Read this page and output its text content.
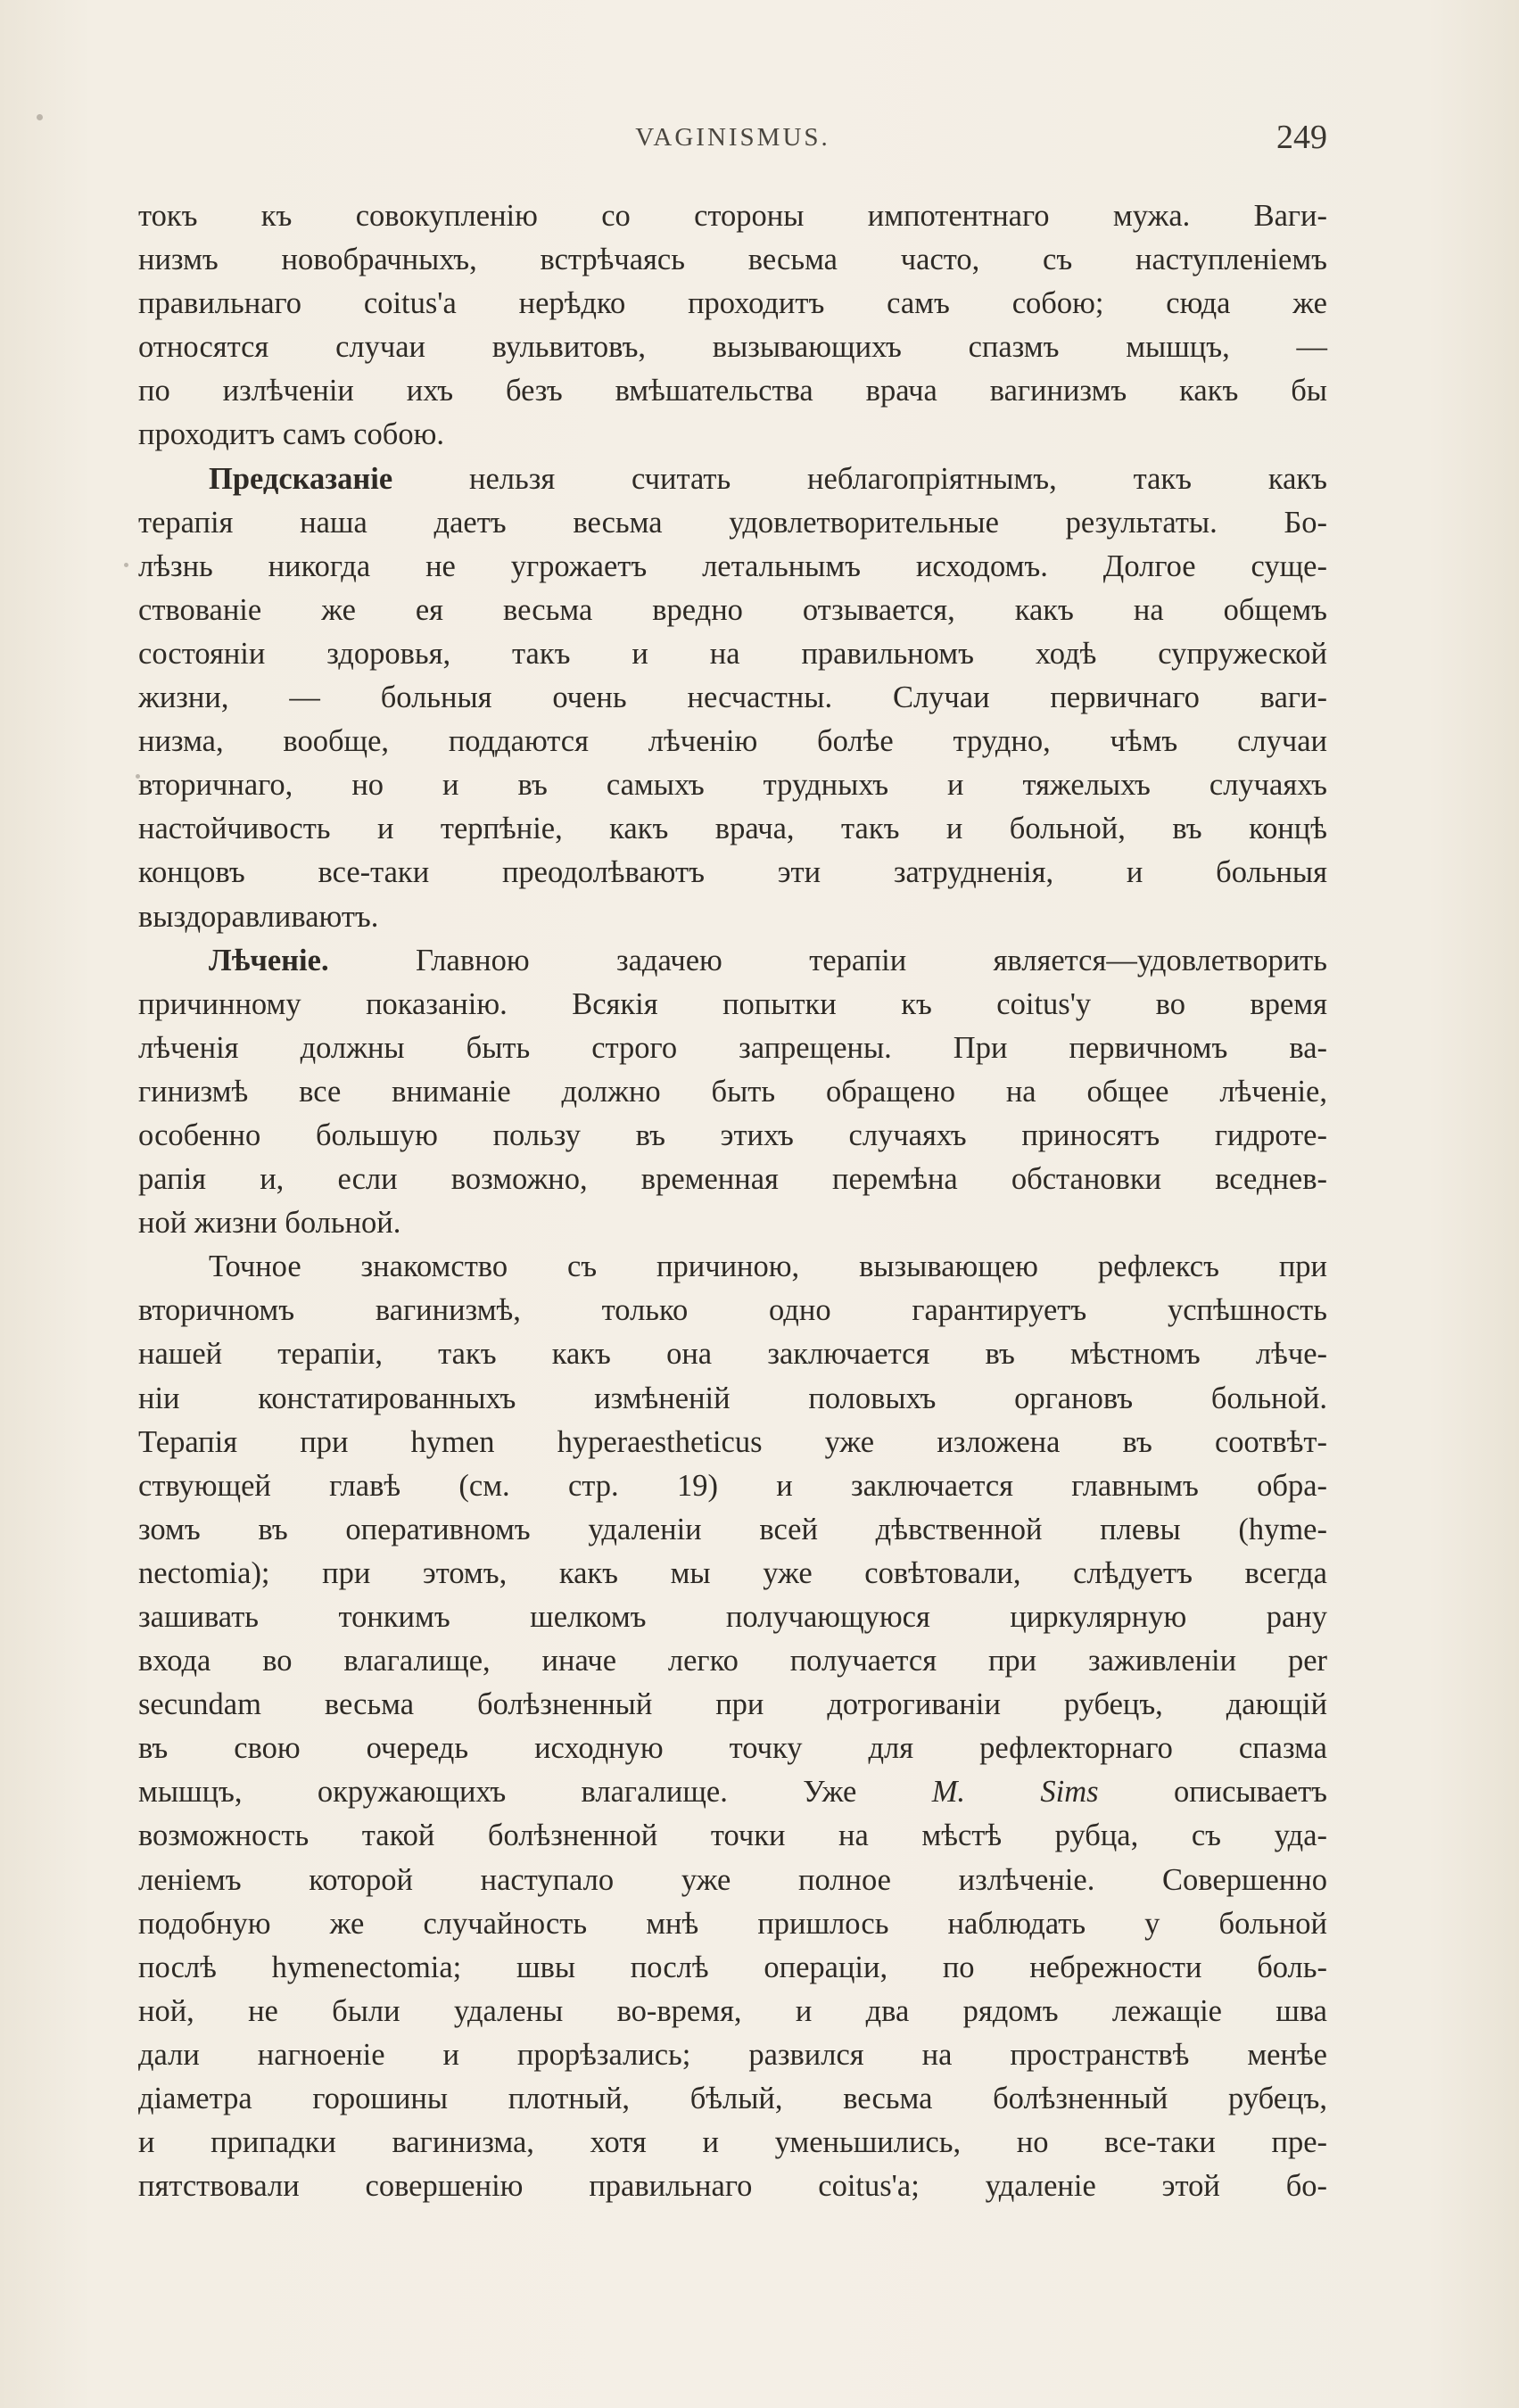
VAGINISMUS.	249
токъ къ совокупленію со стороны импотентнаго мужа. Ваги-
низмъ новобрачныхъ, встрѣчаясь весьма часто, съ наступленіемъ
правильнаго coitus'а нерѣдко проходитъ самъ собою; сюда же
относятся случаи вульвитовъ, вызывающихъ спазмъ мышцъ, —
по излѣченіи ихъ безъ вмѣшательства врача вагинизмъ какъ бы
проходитъ самъ собою.
Предсказаніе нельзя считать неблагопріятнымъ, такъ какъ
терапія наша даетъ весьма удовлетворительные результаты. Бо-
лѣзнь никогда не угрожаетъ летальнымъ исходомъ. Долгое суще-
ствованіе же ея весьма вредно отзывается, какъ на общемъ
состояніи здоровья, такъ и на правильномъ ходѣ супружеской
жизни, — больныя очень несчастны. Случаи первичнаго ваги-
низма, вообще, поддаются лѣченію болѣе трудно, чѣмъ случаи
вторичнаго, но и въ самыхъ трудныхъ и тяжелыхъ случаяхъ
настойчивость и терпѣніе, какъ врача, такъ и больной, въ концѣ
концовъ все-таки преодолѣваютъ эти затрудненія, и больныя
выздоравливаютъ.
Лѣченіе. Главною задачею терапіи является—удовлетворить
причинному показанію. Всякія попытки къ coitus'у во время
лѣченія должны быть строго запрещены. При первичномъ ва-
гинизмѣ все вниманіе должно быть обращено на общее лѣченіе,
особенно большую пользу въ этихъ случаяхъ приносятъ гидроте-
рапія и, если возможно, временная перемѣна обстановки вседнев-
ной жизни больной.
Точное знакомство съ причиною, вызывающею рефлексъ при
вторичномъ вагинизмѣ, только одно гарантируетъ успѣшность
нашей терапіи, такъ какъ она заключается въ мѣстномъ лѣче-
ніи констатированныхъ измѣненій половыхъ органовъ больной.
Терапія при hymen hyperaesthеticus уже изложена въ соотвѣт-
ствующей главѣ (см. стр. 19) и заключается главнымъ обра-
зомъ въ оперативномъ удаленіи всей дѣвственной плевы (hyme-
nectomia); при этомъ, какъ мы уже совѣтовали, слѣдуетъ всегда
зашивать тонкимъ шелкомъ получающуюся циркулярную рану
входа во влагалище, иначе легко получается при заживленіи per
secundam весьма болѣзненный при дотрогиваніи рубецъ, дающій
въ свою очередь исходную точку для рефлекторнаго спазма
мышцъ, окружающихъ влагалище. Уже M. Sims описываетъ
возможность такой болѣзненной точки на мѣстѣ рубца, съ уда-
леніемъ которой наступало уже полное излѣченіе. Совершенно
подобную же случайность мнѣ пришлось наблюдать у больной
послѣ hymenectomia; швы послѣ операціи, по небрежности боль-
ной, не были удалены во-время, и два рядомъ лежащіе шва
дали нагноеніе и прорѣзались; развился на пространствѣ менѣе
діаметра горошины плотный, бѣлый, весьма болѣзненный рубецъ,
и припадки вагинизма, хотя и уменьшились, но все-таки пре-
пятствовали совершенію правильнаго coitus'а; удаленіе этой бо-
